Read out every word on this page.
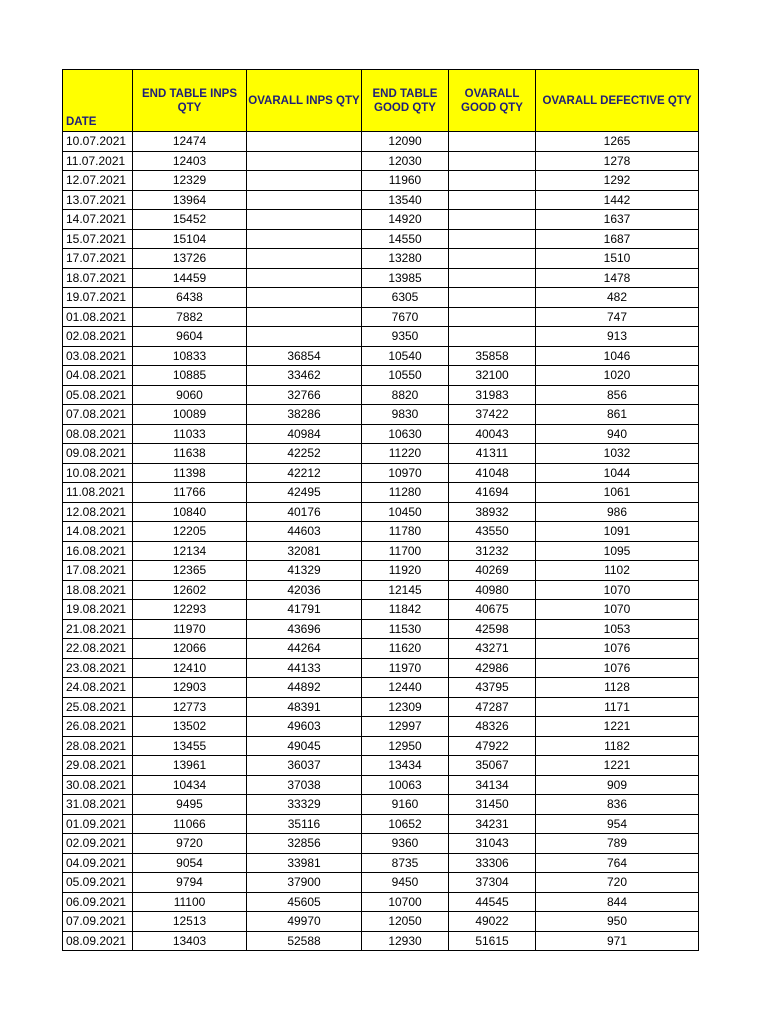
DATE	END TABLE INPS QTY	OVARALL INPS QTY	END TABLE GOOD QTY	OVARALL GOOD QTY	OVARALL DEFECTIVE QTY
10.07.2021	12474		12090		1265
11.07.2021	12403		12030		1278
12.07.2021	12329		11960		1292
13.07.2021	13964		13540		1442
14.07.2021	15452		14920		1637
15.07.2021	15104		14550		1687
17.07.2021	13726		13280		1510
18.07.2021	14459		13985		1478
19.07.2021	6438		6305		482
01.08.2021	7882		7670		747
02.08.2021	9604		9350		913
03.08.2021	10833	36854	10540	35858	1046
04.08.2021	10885	33462	10550	32100	1020
05.08.2021	9060	32766	8820	31983	856
07.08.2021	10089	38286	9830	37422	861
08.08.2021	11033	40984	10630	40043	940
09.08.2021	11638	42252	11220	41311	1032
10.08.2021	11398	42212	10970	41048	1044
11.08.2021	11766	42495	11280	41694	1061
12.08.2021	10840	40176	10450	38932	986
14.08.2021	12205	44603	11780	43550	1091
16.08.2021	12134	32081	11700	31232	1095
17.08.2021	12365	41329	11920	40269	1102
18.08.2021	12602	42036	12145	40980	1070
19.08.2021	12293	41791	11842	40675	1070
21.08.2021	11970	43696	11530	42598	1053
22.08.2021	12066	44264	11620	43271	1076
23.08.2021	12410	44133	11970	42986	1076
24.08.2021	12903	44892	12440	43795	1128
25.08.2021	12773	48391	12309	47287	1171
26.08.2021	13502	49603	12997	48326	1221
28.08.2021	13455	49045	12950	47922	1182
29.08.2021	13961	36037	13434	35067	1221
30.08.2021	10434	37038	10063	34134	909
31.08.2021	9495	33329	9160	31450	836
01.09.2021	11066	35116	10652	34231	954
02.09.2021	9720	32856	9360	31043	789
04.09.2021	9054	33981	8735	33306	764
05.09.2021	9794	37900	9450	37304	720
06.09.2021	11100	45605	10700	44545	844
07.09.2021	12513	49970	12050	49022	950
08.09.2021	13403	52588	12930	51615	971
